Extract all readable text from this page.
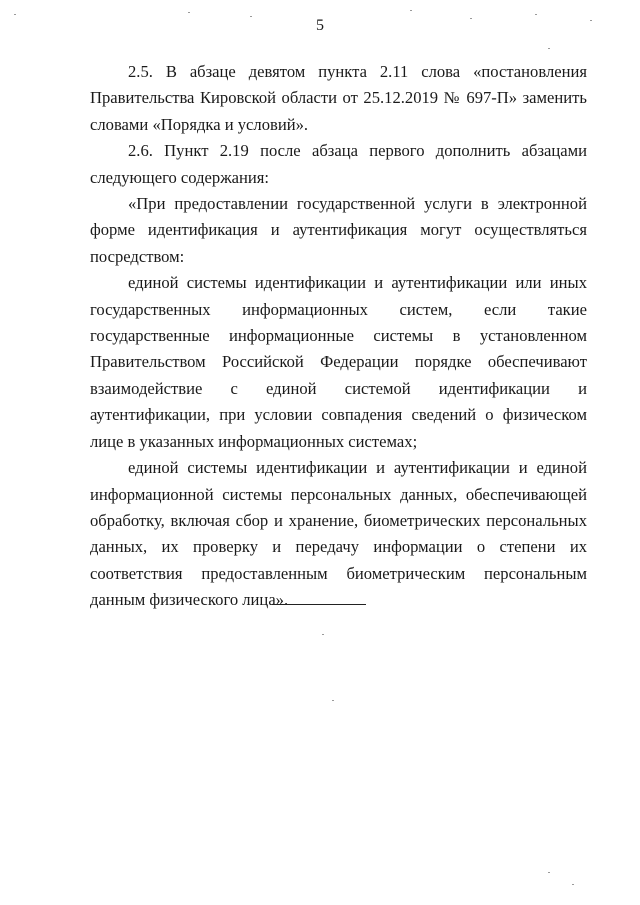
5

2.5. В абзаце девятом пункта 2.11 слова «постановления Правительства Кировской области от 25.12.2019 № 697-П» заменить словами «Порядка и условий».

2.6. Пункт 2.19 после абзаца первого дополнить абзацами следующего содержания:

«При предоставлении государственной услуги в электронной форме идентификация и аутентификация могут осуществляться посредством:

единой системы идентификации и аутентификации или иных государственных информационных систем, если такие государственные информационные системы в установленном Правительством Российской Федерации порядке обеспечивают взаимодействие с единой системой идентификации и аутентификации, при условии совпадения сведений о физическом лице в указанных информационных системах;

единой системы идентификации и аутентификации и единой информационной системы персональных данных, обеспечивающей обработку, включая сбор и хранение, биометрических персональных данных, их проверку и передачу информации о степени их соответствия предоставленным биометрическим персональным данным физического лица».
